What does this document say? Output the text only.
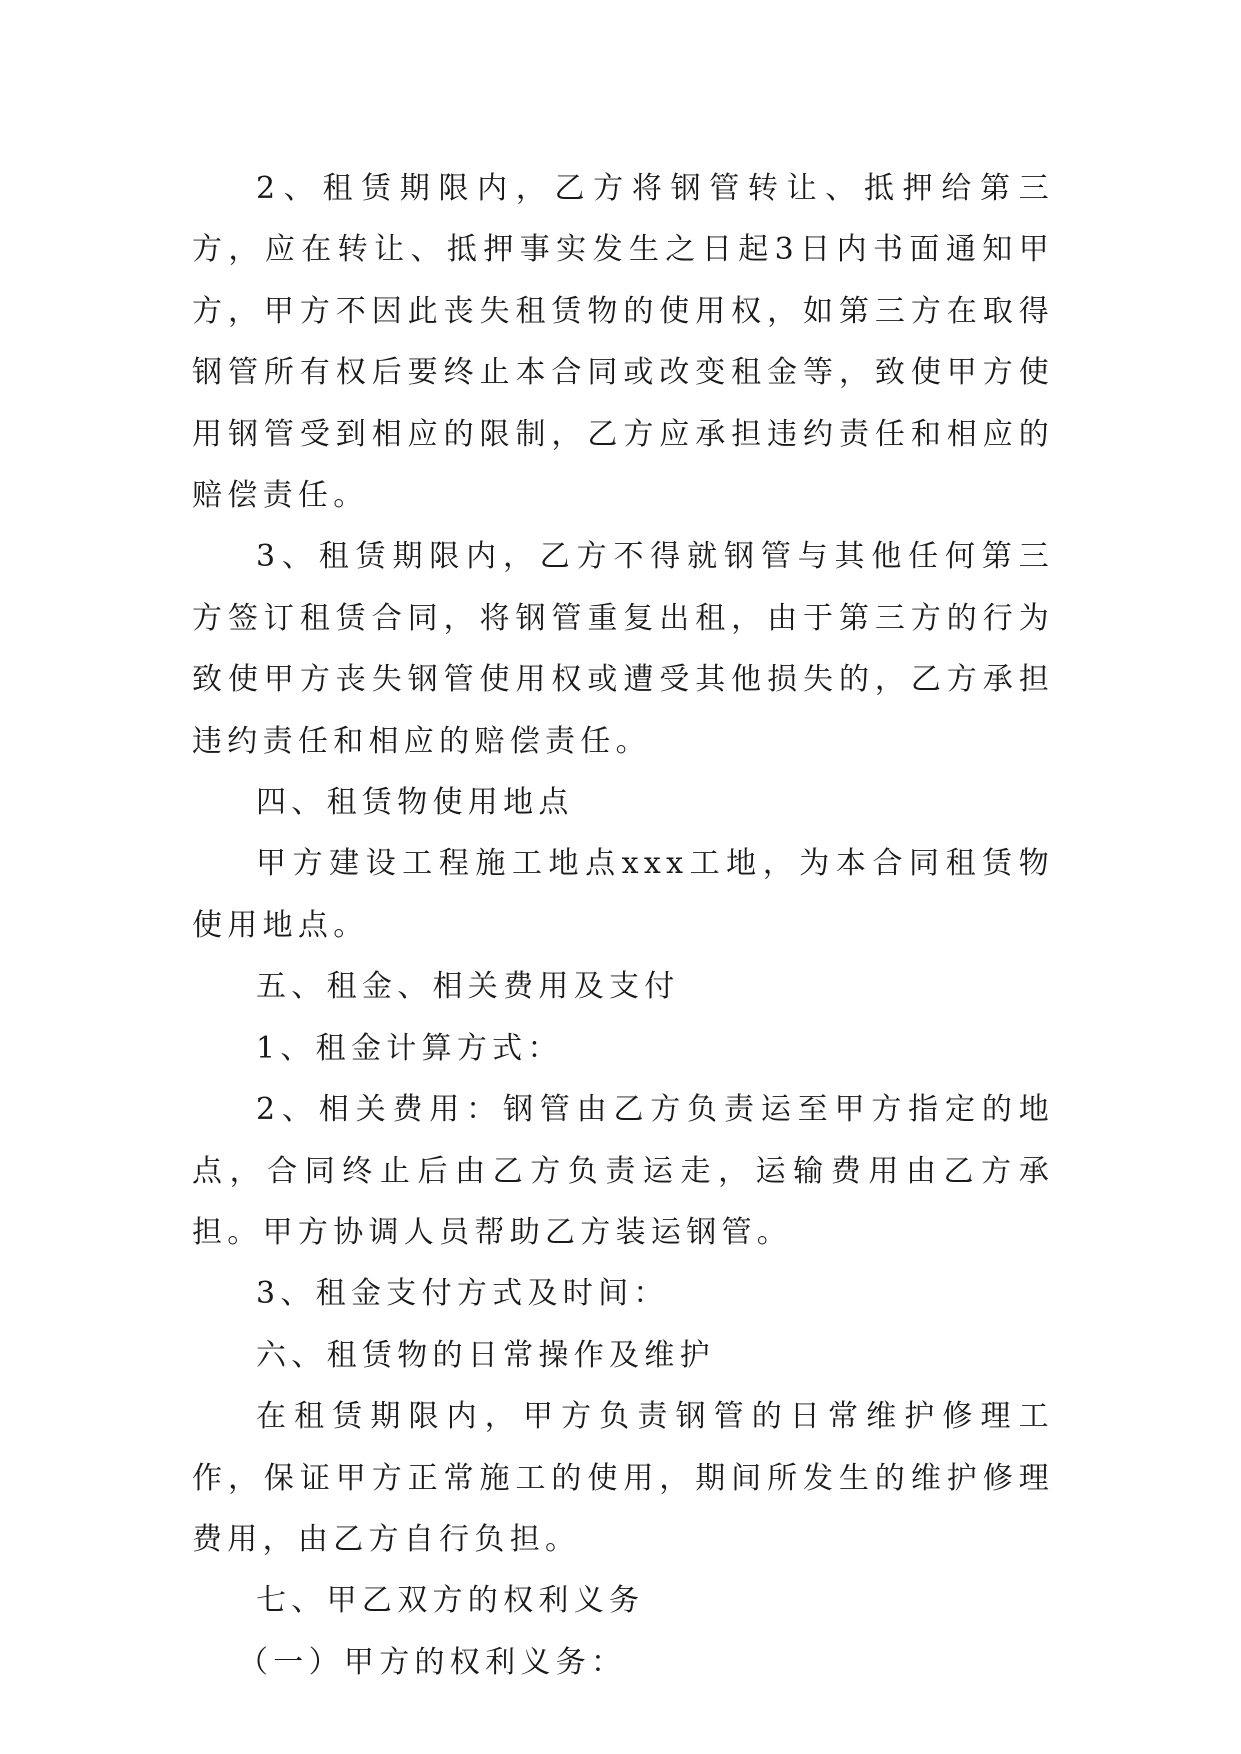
2、租赁期限内，乙方将钢管转让、抵押给第三方，应在转让、抵押事实发生之日起3日内书面通知甲方，甲方不因此丧失租赁物的使用权，如第三方在取得钢管所有权后要终止本合同或改变租金等，致使甲方使用钢管受到相应的限制，乙方应承担违约责任和相应的赔偿责任。

3、租赁期限内，乙方不得就钢管与其他任何第三方签订租赁合同，将钢管重复出租，由于第三方的行为致使甲方丧失钢管使用权或遭受其他损失的，乙方承担违约责任和相应的赔偿责任。

四、租赁物使用地点

甲方建设工程施工地点xxx工地，为本合同租赁物使用地点。

五、租金、相关费用及支付

1、租金计算方式：

2、相关费用：钢管由乙方负责运至甲方指定的地点，合同终止后由乙方负责运走，运输费用由乙方承担。甲方协调人员帮助乙方装运钢管。

3、租金支付方式及时间：

六、租赁物的日常操作及维护

在租赁期限内，甲方负责钢管的日常维护修理工作，保证甲方正常施工的使用，期间所发生的维护修理费用，由乙方自行负担。

七、甲乙双方的权利义务

（一）甲方的权利义务：
